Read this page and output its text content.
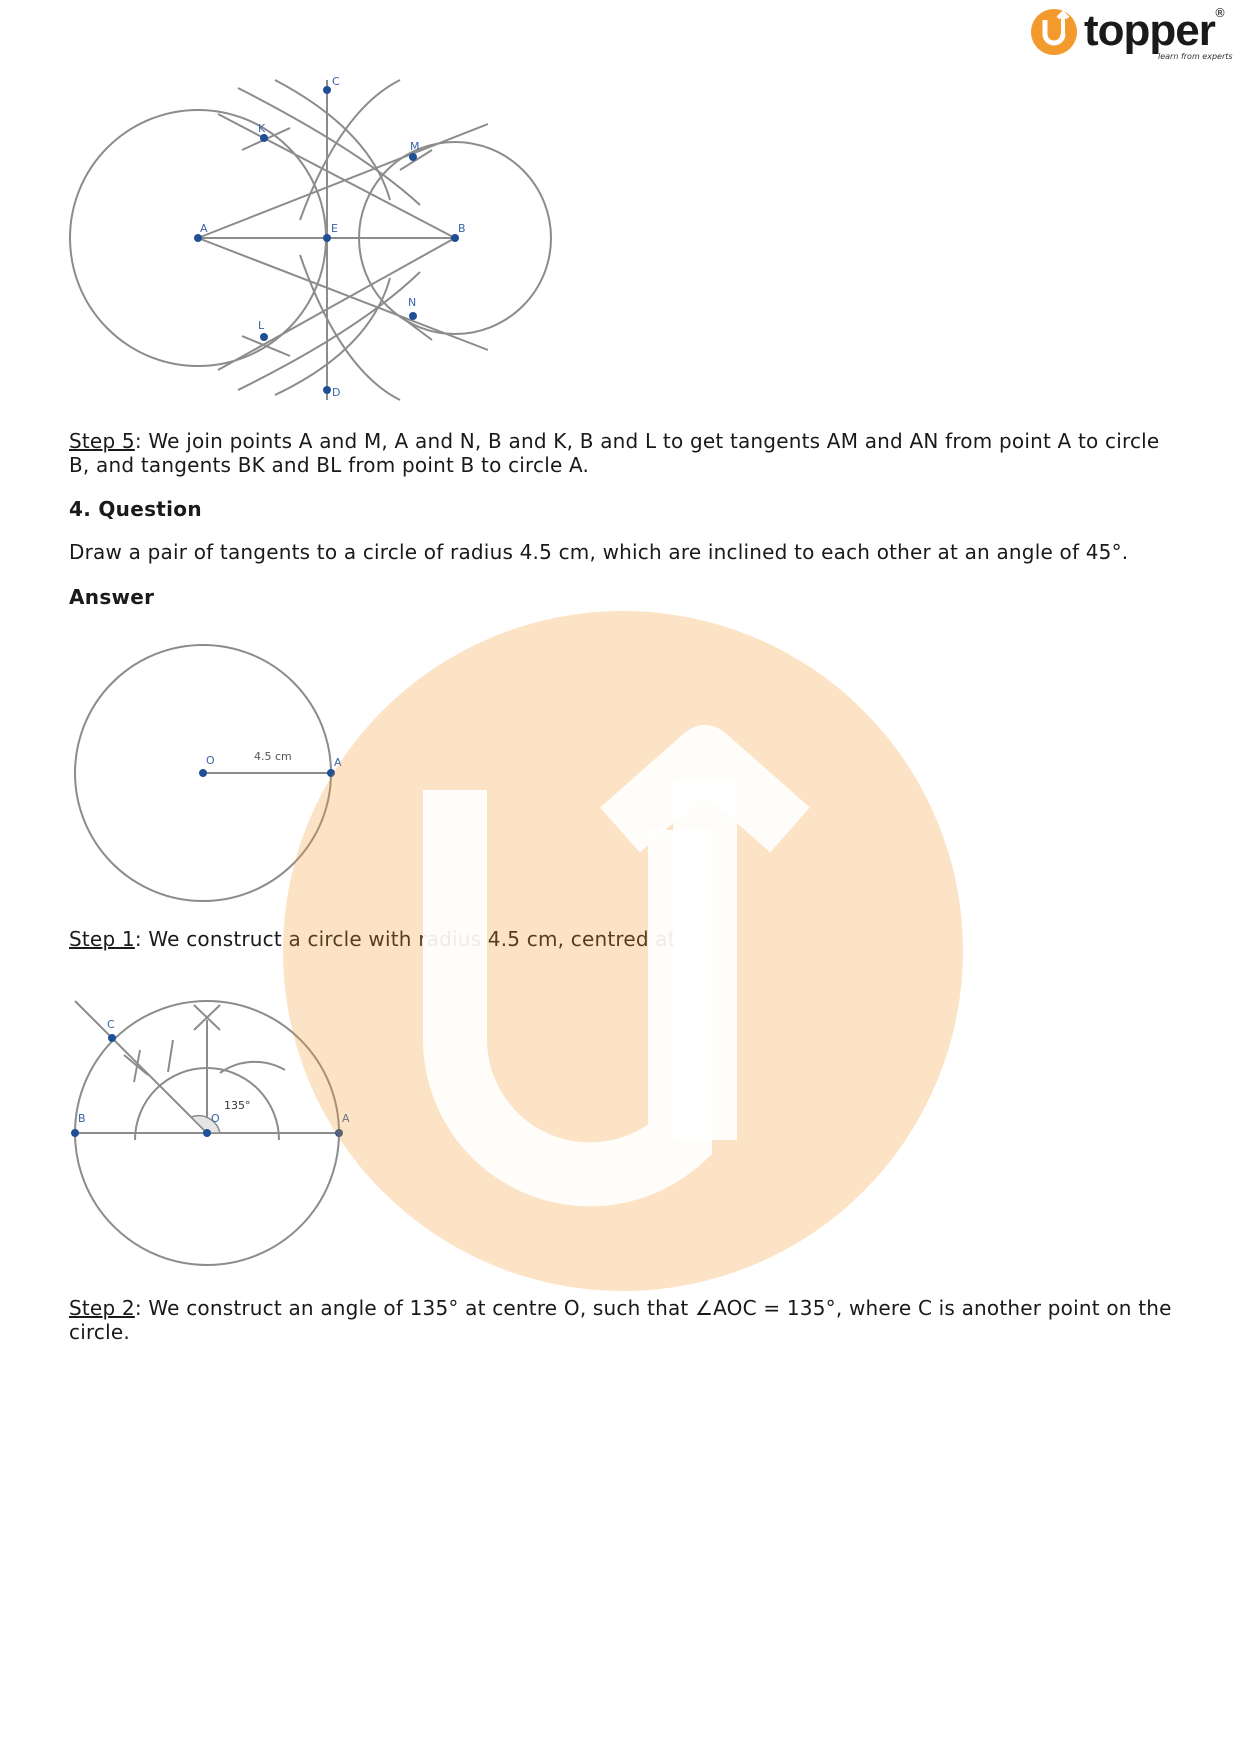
topper ®
learn from experts
C
K
M
A	E	B
N
L
D
Step 5: We join points A and M, A and N, B and K, B and L to get tangents AM and AN from point A to circle B, and tangents BK and BL from point B to circle A.
4. Question
Draw a pair of tangents to a circle of radius 4.5 cm, which are inclined to each other at an angle of 45°.
Answer
O	4.5 cm	A
Step 1: We construct a circle with radius 4.5 cm, centred at O.
C
B	O
135°
A
Step 2: We construct an angle of 135° at centre O, such that ∠AOC = 135°, where C is another point on the circle.
